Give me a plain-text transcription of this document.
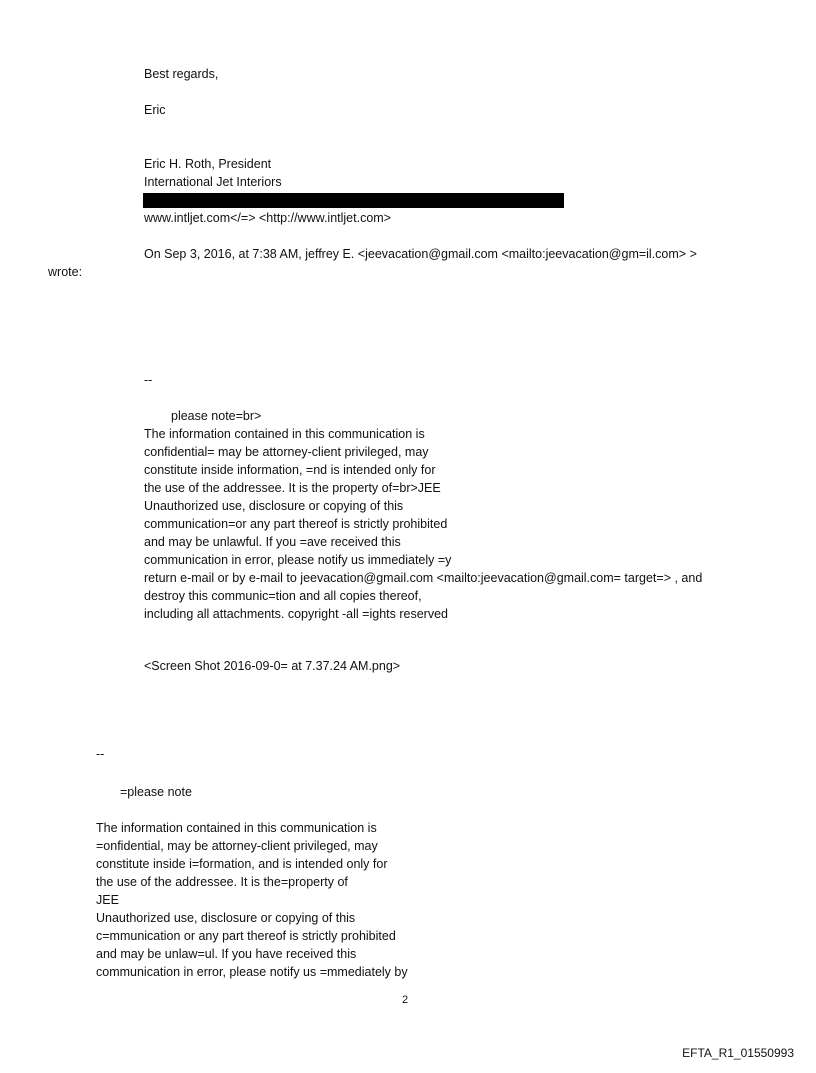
Best regards,
Eric
Eric H. Roth, President
International Jet Interiors
www.intljet.com</=> <http://www.intljet.com>
On Sep 3, 2016, at 7:38 AM, jeffrey E. <jeevacation@gmail.com <mailto:jeevacation@gm=il.com> >
wrote:
--
please note=br>
The information contained in this communication is
confidential= may be attorney-client privileged, may
constitute inside information, =nd is intended only for
the use of the addressee. It is the property of=br>JEE
Unauthorized use, disclosure or copying of this
communication=or any part thereof is strictly prohibited
and may be unlawful. If you =ave received this
communication in error, please notify us immediately =y
return e-mail or by e-mail to jeevacation@gmail.com <mailto:jeevacation@gmail.com= target=> , and
destroy this communic=tion and all copies thereof,
including all attachments. copyright -all =ights reserved
<Screen Shot 2016-09-0= at 7.37.24 AM.png>
--
=please note
The information contained in this communication is
=onfidential, may be attorney-client privileged, may
constitute inside i=formation, and is intended only for
the use of the addressee. It is the=property of
JEE
Unauthorized use, disclosure or copying of this
c=mmunication or any part thereof is strictly prohibited
and may be unlaw=ul. If you have received this
communication in error, please notify us =mmediately by
2
EFTA_R1_01550993
